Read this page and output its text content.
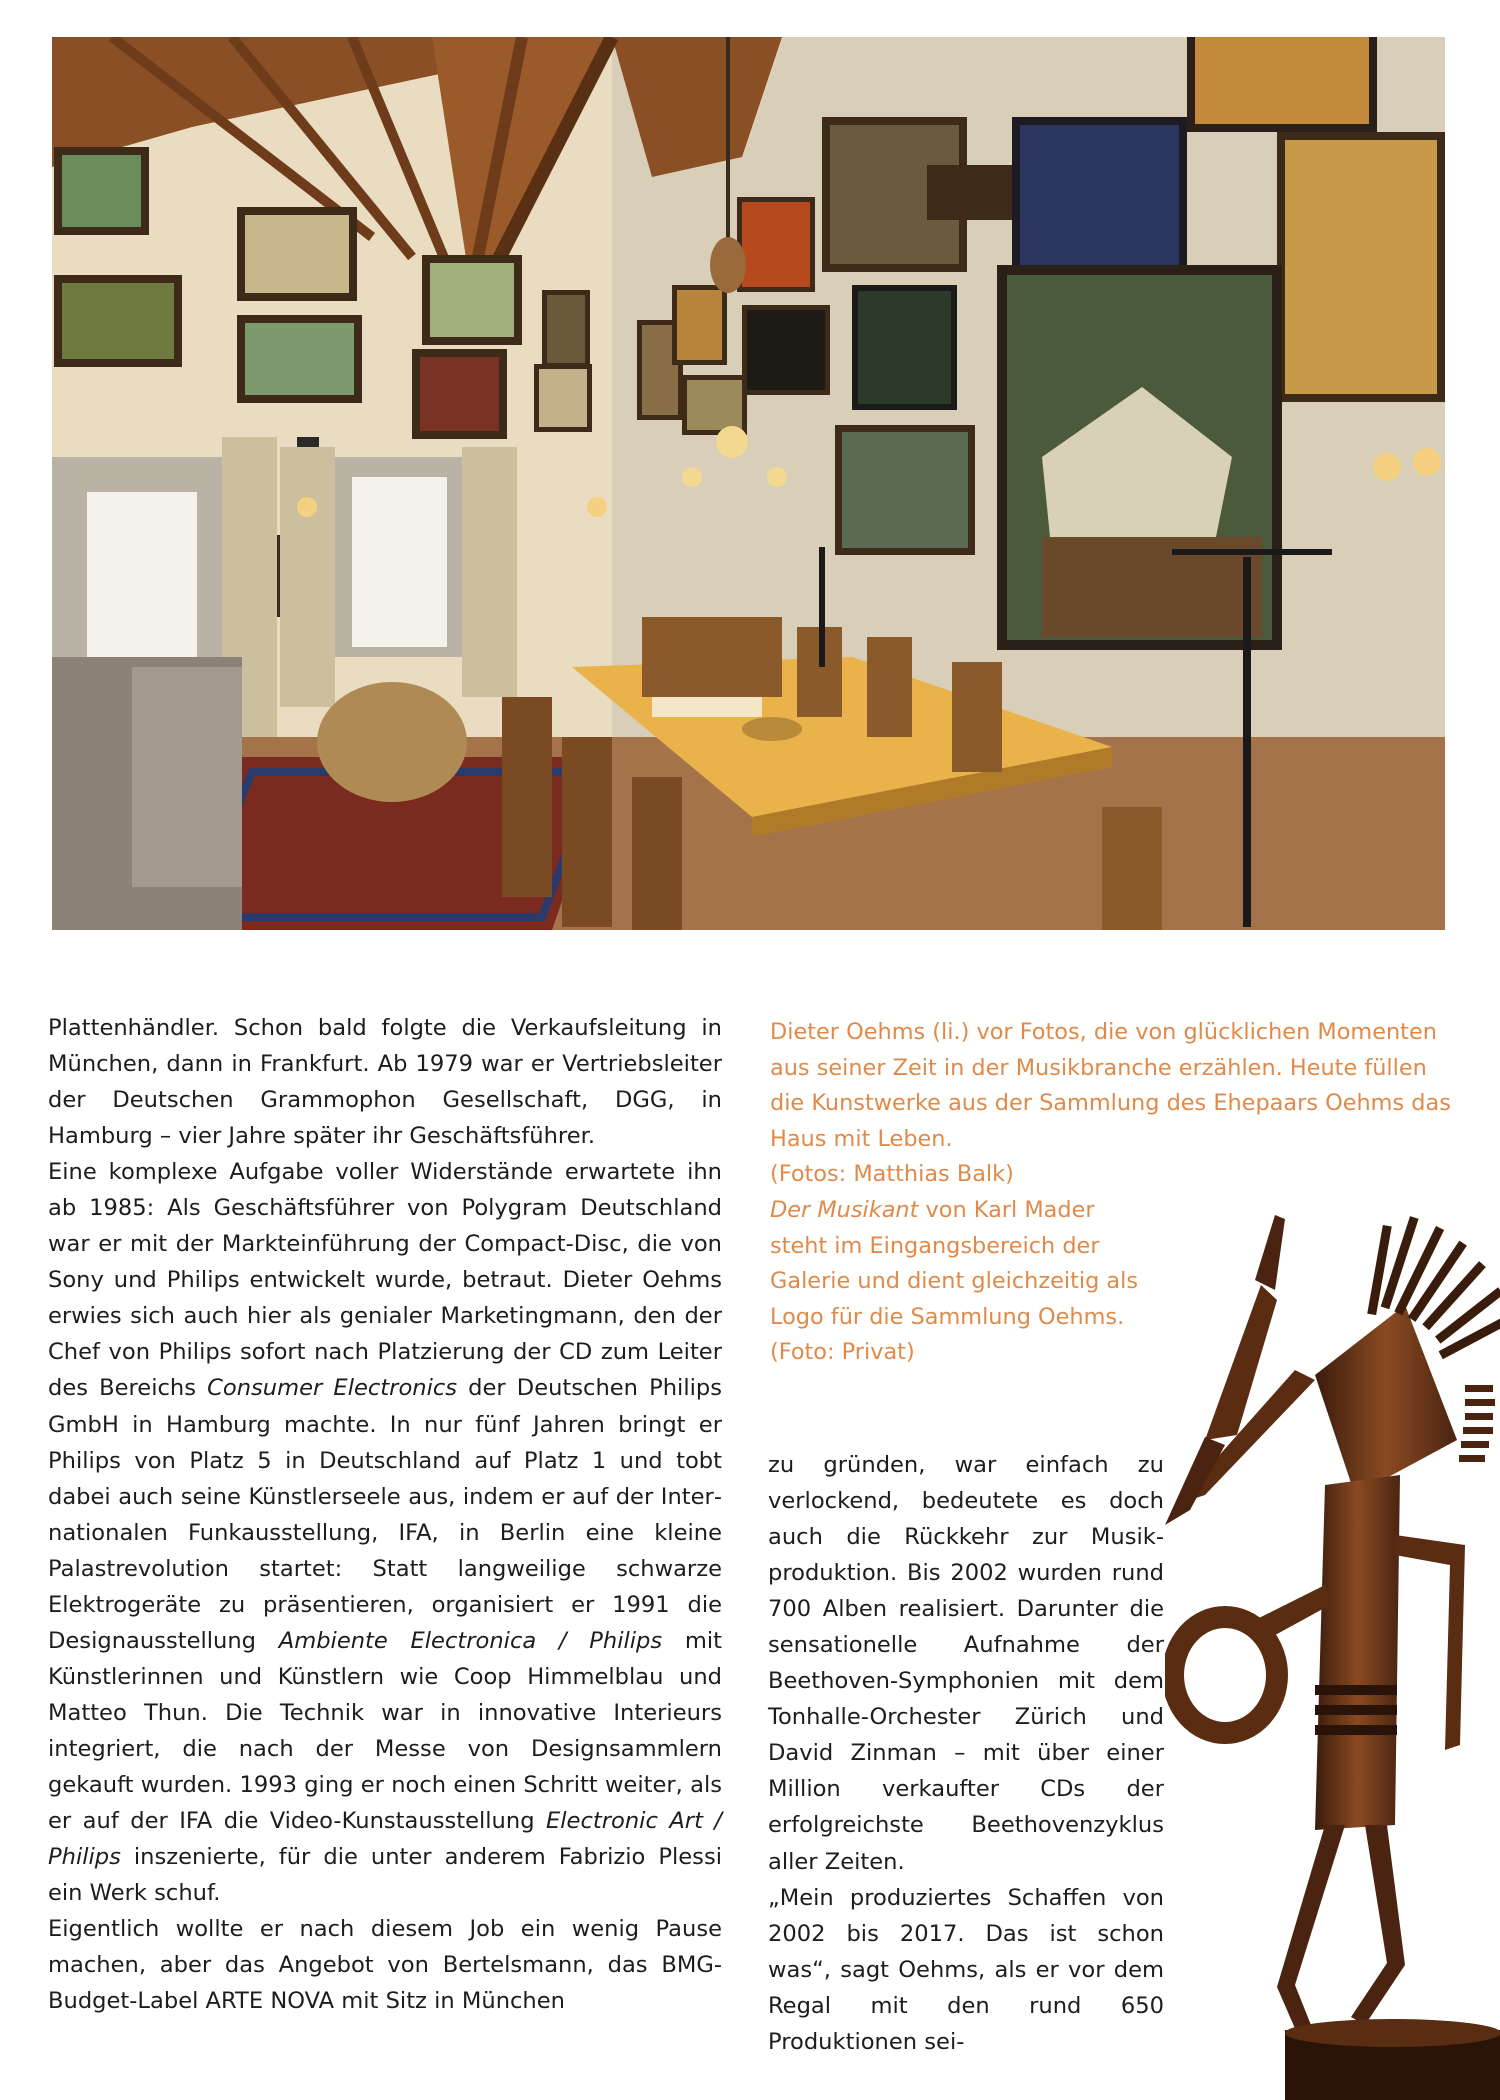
Plattenhändler. Schon bald folgte die Verkaufsleitung in München, dann in Frankfurt. Ab 1979 war er Vertriebsleiter der Deutschen Grammophon Gesellschaft, DGG, in Hamburg – vier Jahre später ihr Geschäftsführer.

Eine komplexe Aufgabe voller Widerstände erwartete ihn ab 1985: Als Geschäftsführer von Polygram Deutschland war er mit der Markteinführung der Compact-Disc, die von Sony und Philips entwickelt wurde, betraut. Dieter Oehms erwies sich auch hier als genialer Marketingmann, den der Chef von Philips sofort nach Platzierung der CD zum Leiter des Bereichs Consumer Electronics der Deutschen Philips GmbH in Hamburg machte. In nur fünf Jahren bringt er Philips von Platz 5 in Deutschland auf Platz 1 und tobt dabei auch seine Künstlerseele aus, indem er auf der Internationalen Funkausstellung, IFA, in Berlin eine kleine Palastrevolution startet: Statt langweilige schwarze Elektrogeräte zu präsentieren, organisiert er 1991 die Designausstellung Ambiente Electronica / Philips mit Künstlerinnen und Künstlern wie Coop Himmelblau und Matteo Thun. Die Technik war in innovative Interieurs integriert, die nach der Messe von Designsammlern gekauft wurden. 1993 ging er noch einen Schritt weiter, als er auf der IFA die Video-Kunstausstellung Electronic Art / Philips inszenierte, für die unter anderem Fabrizio Plessi ein Werk schuf.

Eigentlich wollte er nach diesem Job ein wenig Pause machen, aber das Angebot von Bertelsmann, das BMG-Budget-Label ARTE NOVA mit Sitz in München

Dieter Oehms (li.) vor Fotos, die von glücklichen Momenten aus seiner Zeit in der Musikbranche erzählen. Heute füllen die Kunstwerke aus der Sammlung des Ehepaars Oehms das Haus mit Leben.

(Fotos: Matthias Balk)

Der Musikant von Karl Mader steht im Eingangsbereich der Galerie und dient gleichzeitig als Logo für die Sammlung Oehms. (Foto: Privat)

zu gründen, war einfach zu verlockend, bedeutete es doch auch die Rückkehr zur Musikproduktion. Bis 2002 wurden rund 700 Alben realisiert. Darunter die sensationelle Aufnahme der Beethoven-Symphonien mit dem Tonhalle-Orchester Zürich und David Zinman – mit über einer Million verkaufter CDs der erfolgreichste Beethovenzyklus aller Zeiten.

„Mein produziertes Schaffen von 2002 bis 2017. Das ist schon was“, sagt Oehms, als er vor dem Regal mit den rund 650 Produktionen sei-
